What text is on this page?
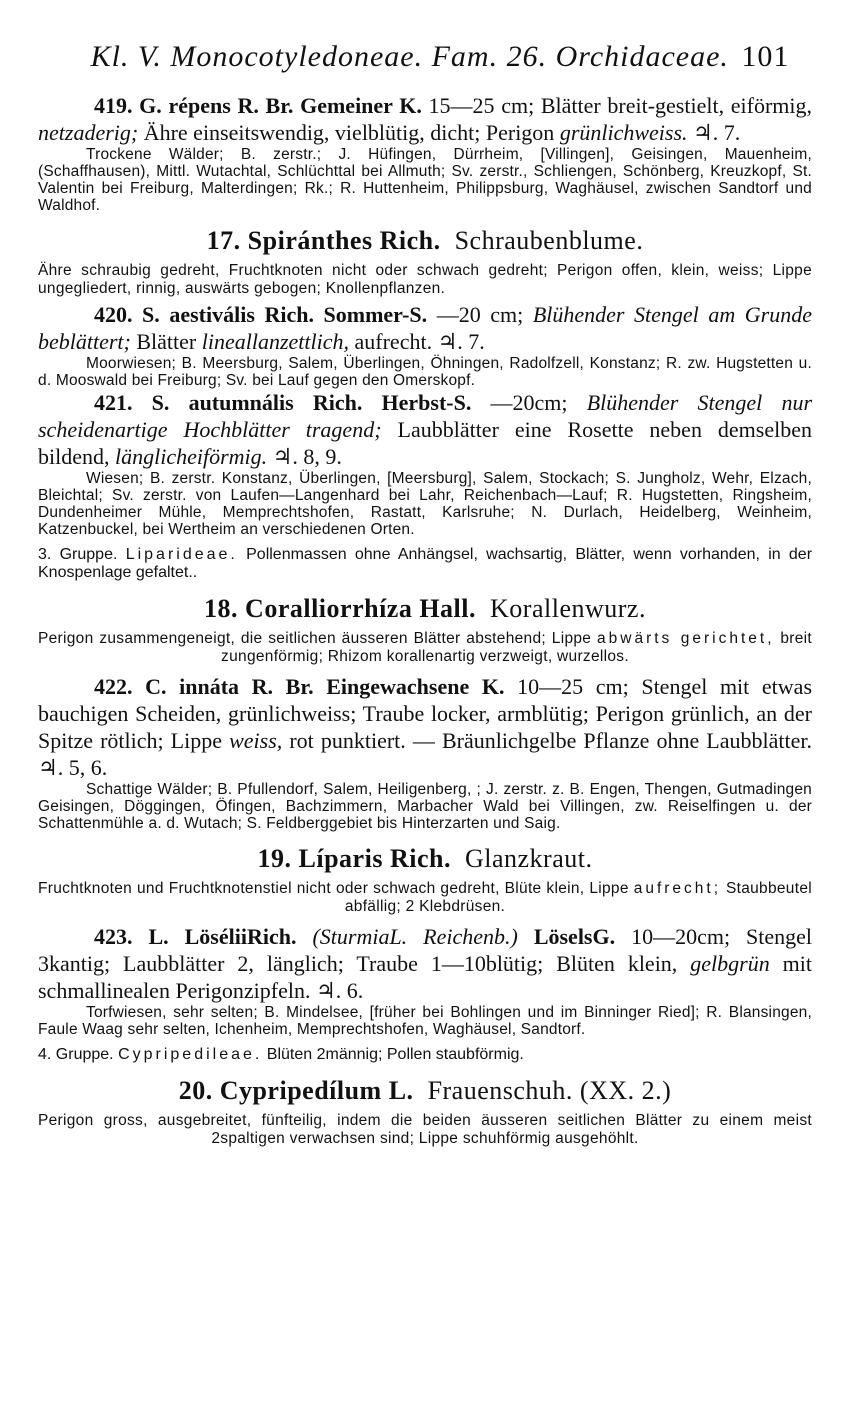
Kl. V. Monocotyledoneae. Fam. 26. Orchidaceae. 101
419. G. répens R. Br. Gemeiner K. 15—25 cm; Blätter breit-gestielt, eiförmig, netzaderig; Ähre einseitswendig, vielblütig, dicht; Perigon grünlichweiss. ♃. 7.
Trockene Wälder; B. zerstr.; J. Hüfingen, Dürrheim, [Villingen], Geisingen, Mauenheim, (Schaffhausen), Mittl. Wutachtal, Schlüchttal bei Allmuth; Sv. zerstr., Schliengen, Schönberg, Kreuzkopf, St. Valentin bei Freiburg, Malterdingen; Rk.; R. Huttenheim, Philippsburg, Waghäusel, zwischen Sandtorf und Waldhof.
17. Spiránthes Rich. Schraubenblume.
Ähre schraubig gedreht, Fruchtknoten nicht oder schwach gedreht; Perigon offen, klein, weiss; Lippe ungegliedert, rinnig, auswärts gebogen; Knollenpflanzen.
420. S. aestivális Rich. Sommer-S. —20 cm; Blühender Stengel am Grunde beblättert; Blätter lineallanzettlich, aufrecht. ♃. 7.
Moorwiesen; B. Meersburg, Salem, Überlingen, Öhningen, Radolfzell, Konstanz; R. zw. Hugstetten u. d. Mooswald bei Freiburg; Sv. bei Lauf gegen den Omerskopf.
421. S. autumnális Rich. Herbst-S. —20cm; Blühender Stengel nur scheidenartige Hochblätter tragend; Laubblätter eine Rosette neben demselben bildend, länglicheiförmig. ♃. 8, 9.
Wiesen; B. zerstr. Konstanz, Überlingen, [Meersburg], Salem, Stockach; S. Jungholz, Wehr, Elzach, Bleichtal; Sv. zerstr. von Laufen—Langenhard bei Lahr, Reichenbach—Lauf; R. Hugstetten, Ringsheim, Dundenheimer Mühle, Memprechtshofen, Rastatt, Karlsruhe; N. Durlach, Heidelberg, Weinheim, Katzenbuckel, bei Wertheim an verschiedenen Orten.
3. Gruppe. Liparideae. Pollenmassen ohne Anhängsel, wachsartig, Blätter, wenn vorhanden, in der Knospenlage gefaltet..
18. Coralliorrhíza Hall. Korallenwurz.
Perigon zusammengeneigt, die seitlichen äusseren Blätter abstehend; Lippe abwärts gerichtet, breit zungenförmig; Rhizom korallenartig verzweigt, wurzellos.
422. C. innáta R. Br. Eingewachsene K. 10—25 cm; Stengel mit etwas bauchigen Scheiden, grünlichweiss; Traube locker, armblütig; Perigon grünlich, an der Spitze rötlich; Lippe weiss, rot punktiert. — Bräunlichgelbe Pflanze ohne Laubblätter. ♃. 5, 6.
Schattige Wälder; B. Pfullendorf, Salem, Heiligenberg, ; J. zerstr. z. B. Engen, Thengen, Gutmadingen Geisingen, Döggingen, Öfingen, Bachzimmern, Marbacher Wald bei Villingen, zw. Reiselfingen u. der Schattenmühle a. d. Wutach; S. Feldberggebiet bis Hinterzarten und Saig.
19. Líparis Rich. Glanzkraut.
Fruchtknoten und Fruchtknotenstiel nicht oder schwach gedreht, Blüte klein, Lippe aufrecht; Staubbeutel abfällig; 2 Klebdrüsen.
423. L. LöséliiRich. (SturmiaL. Reichenb.) LöselsG. 10—20cm; Stengel 3kantig; Laubblätter 2, länglich; Traube 1—10blütig; Blüten klein, gelbgrün mit schmallinealen Perigonzipfeln. ♃. 6.
Torfwiesen, sehr selten; B. Mindelsee, [früher bei Bohlingen und im Binninger Ried]; R. Blansingen, Faule Waag sehr selten, Ichenheim, Memprechtshofen, Waghäusel, Sandtorf.
4. Gruppe. Cypripedileae. Blüten 2männig; Pollen staubförmig.
20. Cypripedílum L. Frauenschuh. (XX. 2.)
Perigon gross, ausgebreitet, fünfteilig, indem die beiden äusseren seitlichen Blätter zu einem meist 2spaltigen verwachsen sind; Lippe schuhförmig ausgehöhlt.
